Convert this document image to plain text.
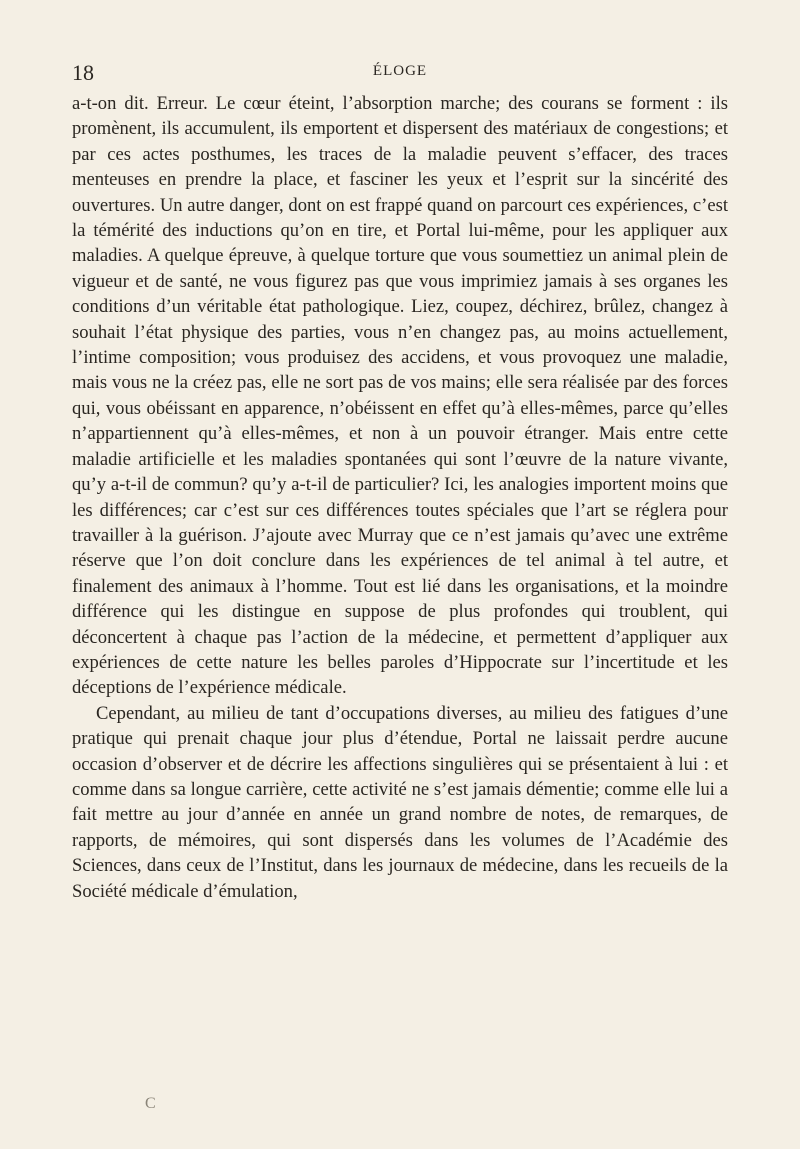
18	ÉLOGE

a-t-on dit. Erreur. Le cœur éteint, l’absorption marche; des courans se forment : ils promènent, ils accumulent, ils emportent et dispersent des matériaux de congestions; et par ces actes posthumes, les traces de la maladie peuvent s’effacer, des traces menteuses en prendre la place, et fasciner les yeux et l’esprit sur la sincérité des ouvertures. Un autre danger, dont on est frappé quand on parcourt ces expériences, c’est la témérité des inductions qu’on en tire, et Portal lui-même, pour les appliquer aux maladies. A quelque épreuve, à quelque torture que vous soumettiez un animal plein de vigueur et de santé, ne vous figurez pas que vous imprimiez jamais à ses organes les conditions d’un véritable état pathologique. Liez, coupez, déchirez, brûlez, changez à souhait l’état physique des parties, vous n’en changez pas, au moins actuellement, l’intime composition; vous produisez des accidens, et vous provoquez une maladie, mais vous ne la créez pas, elle ne sort pas de vos mains; elle sera réalisée par des forces qui, vous obéissant en apparence, n’obéissent en effet qu’à elles-mêmes, parce qu’elles n’appartiennent qu’à elles-mêmes, et non à un pouvoir étranger. Mais entre cette maladie artificielle et les maladies spontanées qui sont l’œuvre de la nature vivante, qu’y a-t-il de commun? qu’y a-t-il de particulier? Ici, les analogies importent moins que les différences; car c’est sur ces différences toutes spéciales que l’art se réglera pour travailler à la guérison. J’ajoute avec Murray que ce n’est jamais qu’avec une extrême réserve que l’on doit conclure dans les expériences de tel animal à tel autre, et finalement des animaux à l’homme. Tout est lié dans les organisations, et la moindre différence qui les distingue en suppose de plus profondes qui troublent, qui déconcertent à chaque pas l’action de la médecine, et permettent d’appliquer aux expériences de cette nature les belles paroles d’Hippocrate sur l’incertitude et les déceptions de l’expérience médicale.

Cependant, au milieu de tant d’occupations diverses, au milieu des fatigues d’une pratique qui prenait chaque jour plus d’étendue, Portal ne laissait perdre aucune occasion d’observer et de décrire les affections singulières qui se présentaient à lui : et comme dans sa longue carrière, cette activité ne s’est jamais démentie; comme elle lui a fait mettre au jour d’année en année un grand nombre de notes, de remarques, de rapports, de mémoires, qui sont dispersés dans les volumes de l’Académie des Sciences, dans ceux de l’Institut, dans les journaux de médecine, dans les recueils de la Société médicale d’émulation,

C
